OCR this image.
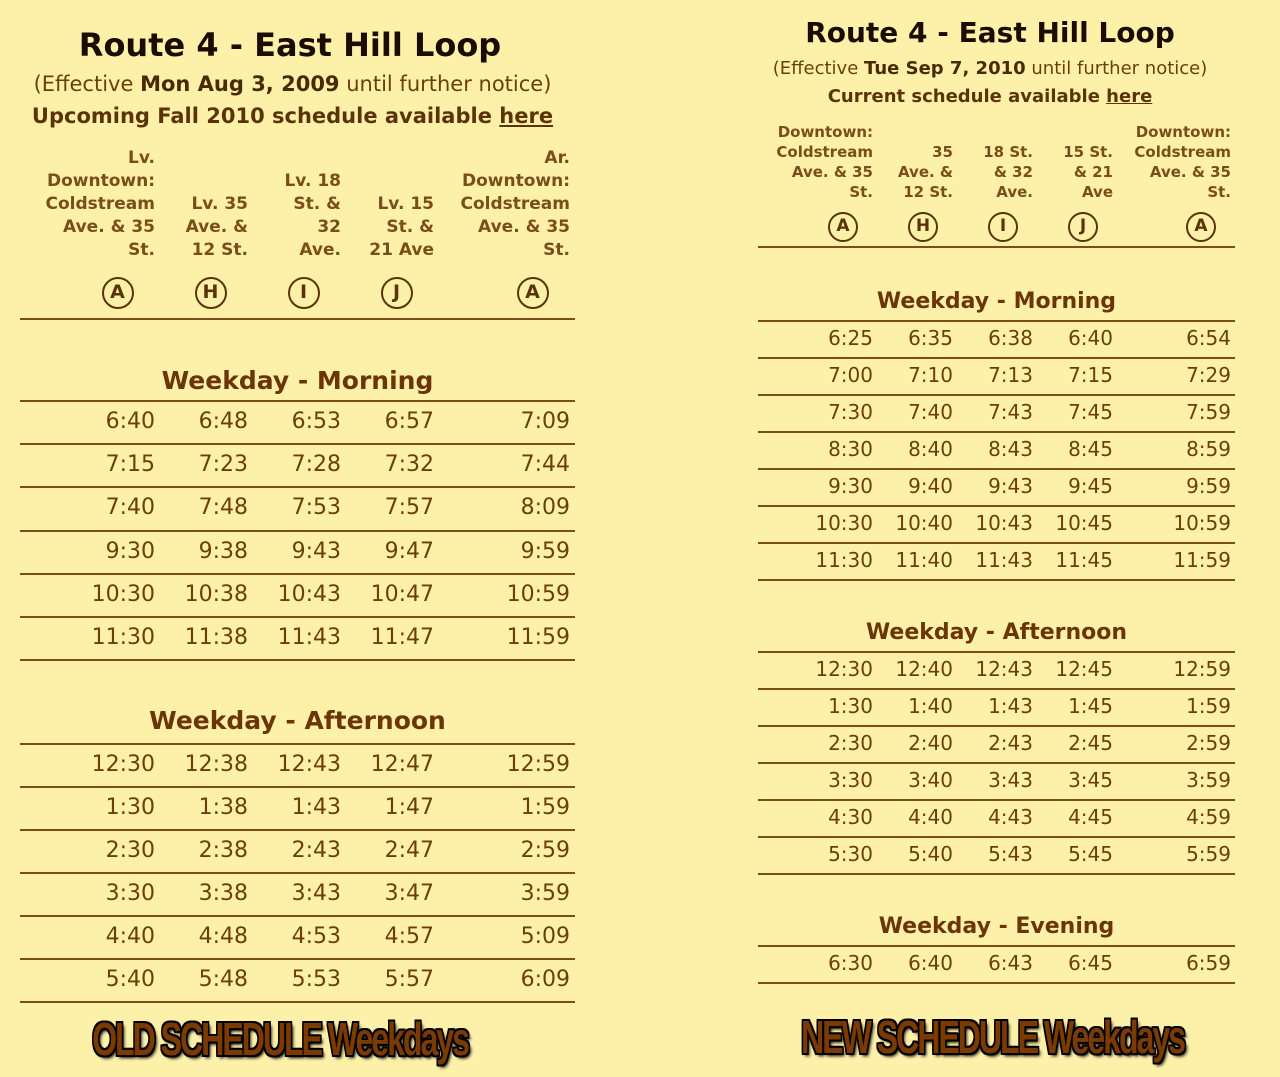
Route 4 - East Hill Loop
(Effective Mon Aug 3, 2009 until further notice)
Upcoming Fall 2010 schedule available here
Lv.
Downtown:
Coldstream
Ave. & 35
St.
A
Lv. 35
Ave. &
12 St.
H
Lv. 18
St. &
32
Ave.
I
Lv. 15
St. &
21 Ave
J
Ar.
Downtown:
Coldstream
Ave. & 35
St.
A
Weekday - Morning
6:40	6:48	6:53	6:57	7:09
7:15	7:23	7:28	7:32	7:44
7:40	7:48	7:53	7:57	8:09
9:30	9:38	9:43	9:47	9:59
10:30	10:38	10:43	10:47	10:59
11:30	11:38	11:43	11:47	11:59
Weekday - Afternoon
12:30	12:38	12:43	12:47	12:59
1:30	1:38	1:43	1:47	1:59
2:30	2:38	2:43	2:47	2:59
3:30	3:38	3:43	3:47	3:59
4:40	4:48	4:53	4:57	5:09
5:40	5:48	5:53	5:57	6:09
OLD SCHEDULE Weekdays
Route 4 - East Hill Loop
(Effective Tue Sep 7, 2010 until further notice)
Current schedule available here
Downtown:
Coldstream
Ave. & 35
St.
A
35
Ave. &
12 St.
H
18 St.
& 32
Ave.
I
15 St.
& 21
Ave
J
Downtown:
Coldstream
Ave. & 35
St.
A
Weekday - Morning
6:25	6:35	6:38	6:40	6:54
7:00	7:10	7:13	7:15	7:29
7:30	7:40	7:43	7:45	7:59
8:30	8:40	8:43	8:45	8:59
9:30	9:40	9:43	9:45	9:59
10:30	10:40	10:43	10:45	10:59
11:30	11:40	11:43	11:45	11:59
Weekday - Afternoon
12:30	12:40	12:43	12:45	12:59
1:30	1:40	1:43	1:45	1:59
2:30	2:40	2:43	2:45	2:59
3:30	3:40	3:43	3:45	3:59
4:30	4:40	4:43	4:45	4:59
5:30	5:40	5:43	5:45	5:59
Weekday - Evening
6:30	6:40	6:43	6:45	6:59
NEW SCHEDULE Weekdays
